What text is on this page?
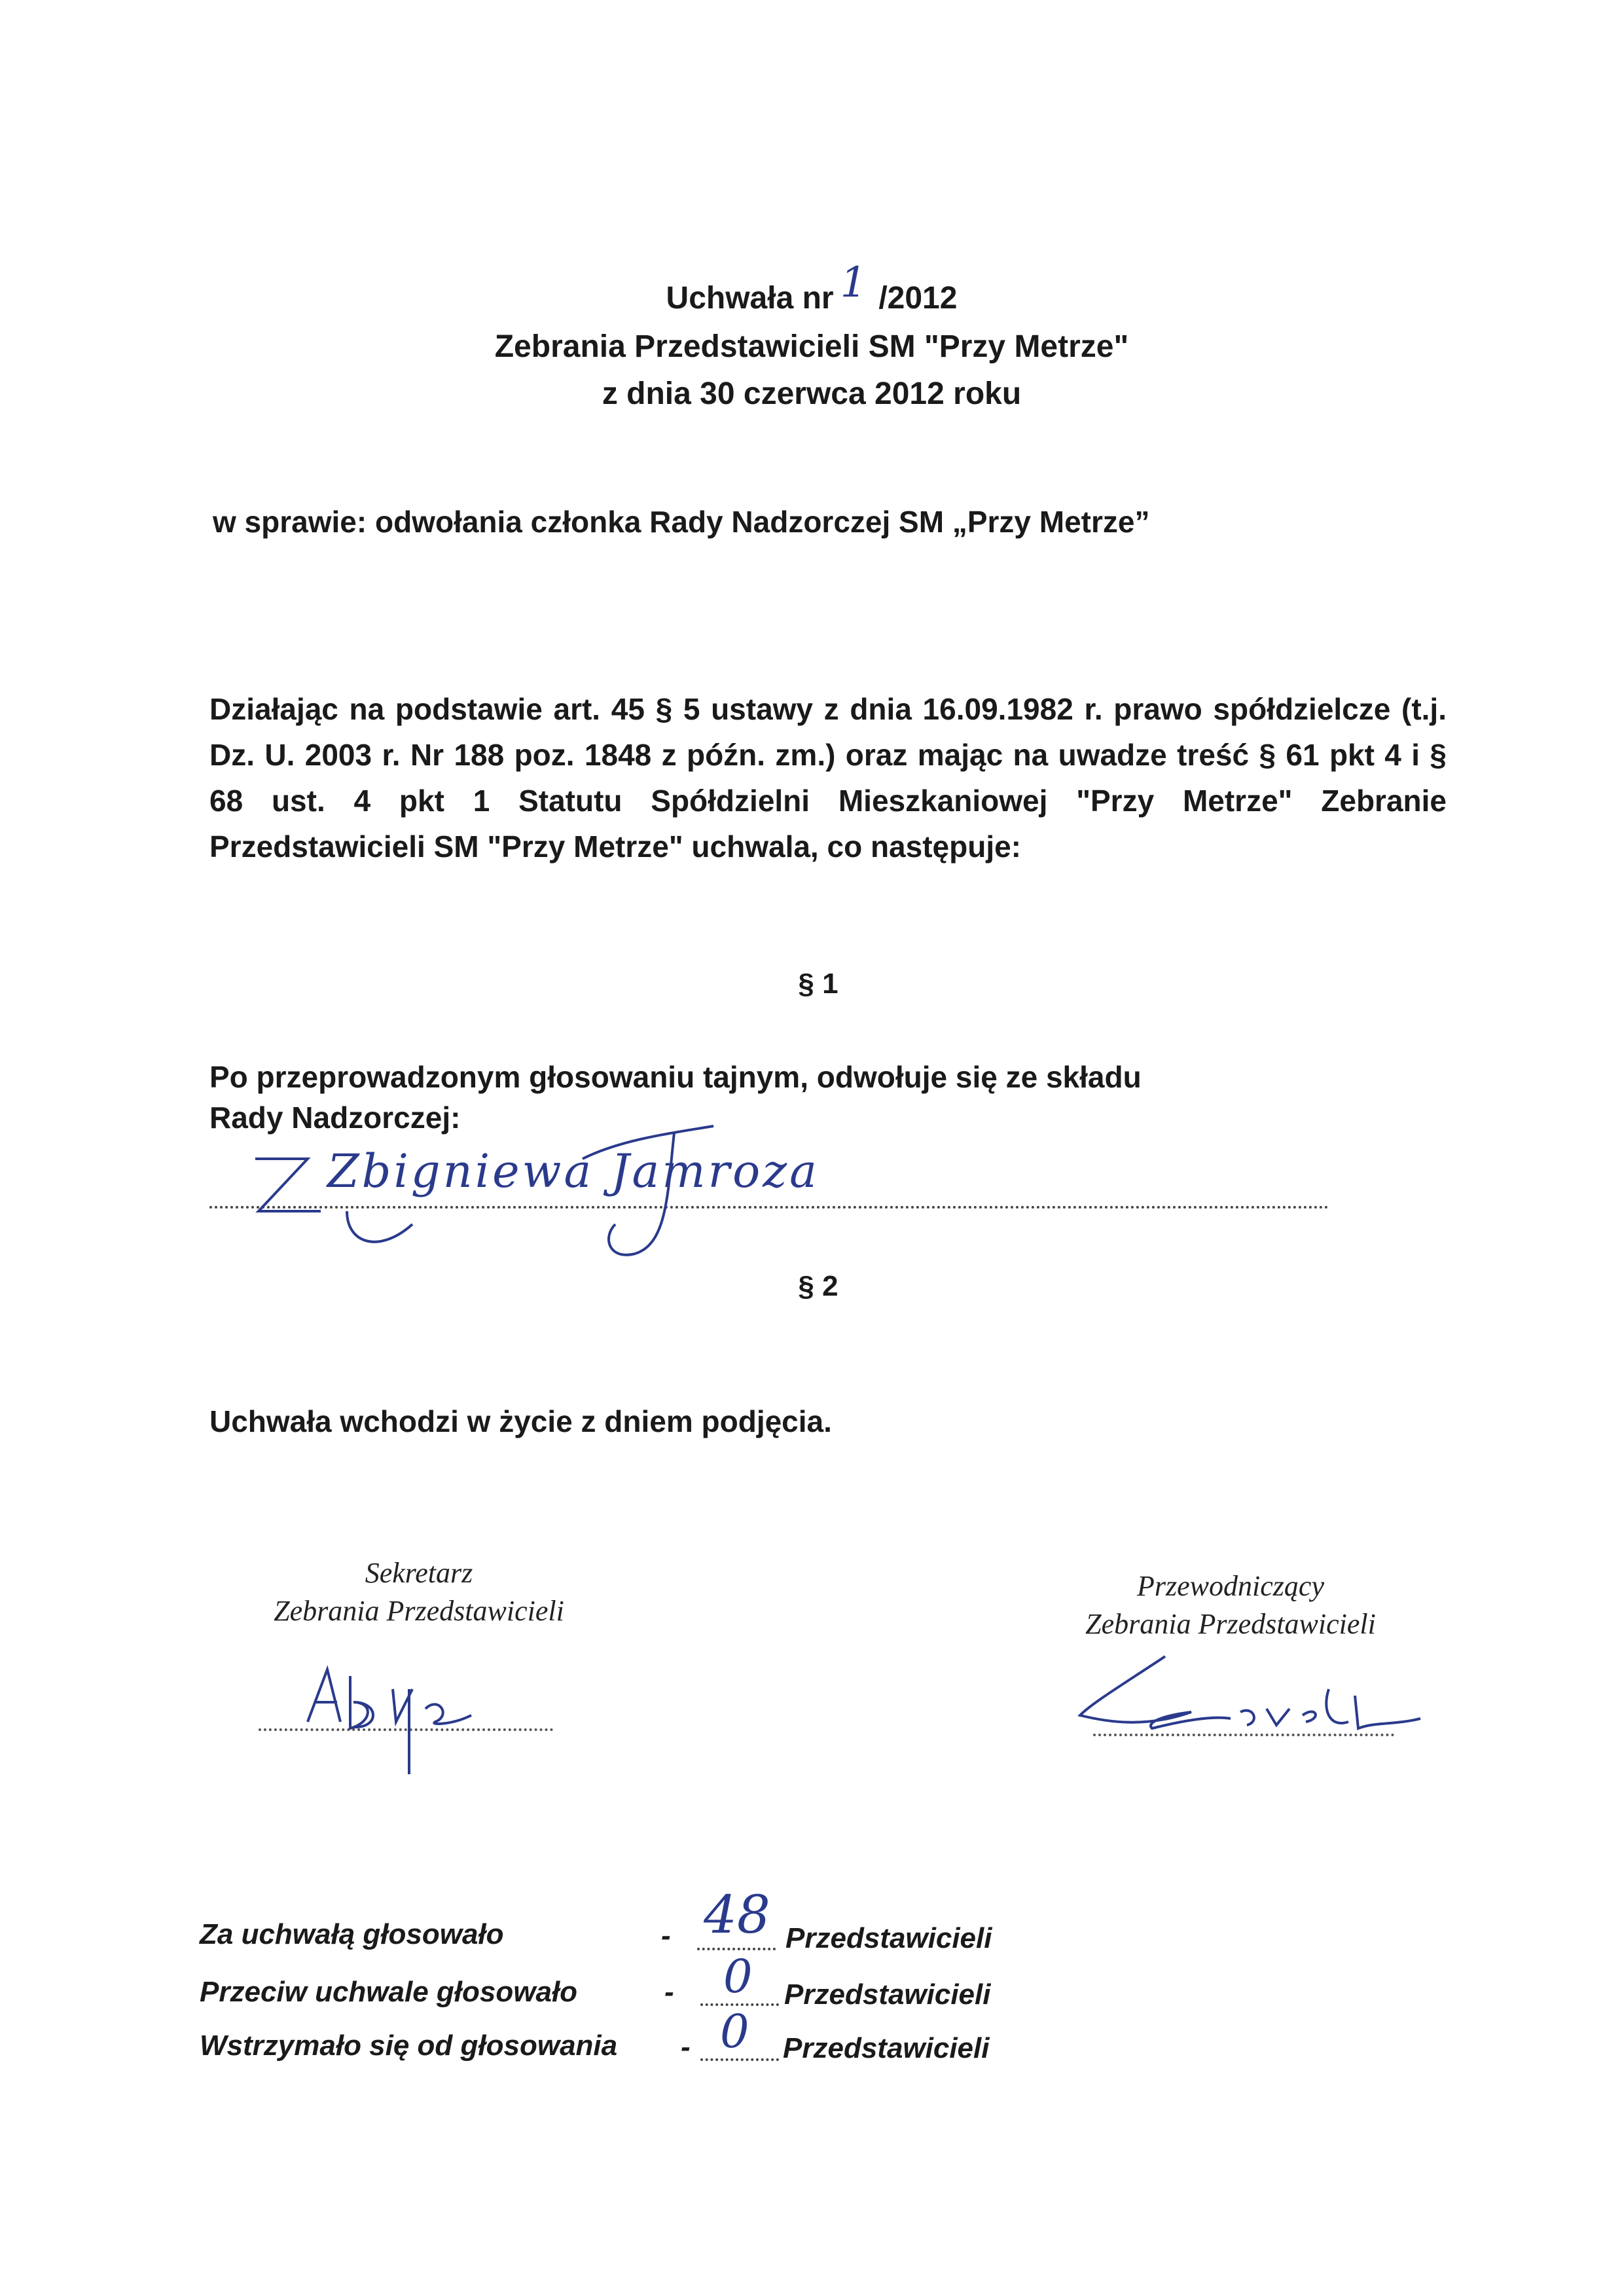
Uchwała nr 1 /2012
Zebrania Przedstawicieli SM "Przy Metrze"
z dnia 30 czerwca 2012 roku
w sprawie: odwołania członka Rady Nadzorczej SM „Przy Metrze”
Działając na podstawie art. 45 § 5 ustawy z dnia 16.09.1982 r. prawo spółdzielcze (t.j. Dz. U. 2003 r. Nr 188 poz. 1848 z późn. zm.) oraz mając na uwadze treść § 61 pkt 4 i § 68 ust. 4 pkt 1 Statutu Spółdzielni Mieszkaniowej "Przy Metrze" Zebranie Przedstawicieli SM "Przy Metrze" uchwala, co następuje:
§ 1
Po przeprowadzonym głosowaniu tajnym, odwołuje się ze składu
Rady Nadzorczej:
Zbigniewa Jamroza
§ 2
Uchwała wchodzi w życie z dniem podjęcia.
Sekretarz
Zebrania Przedstawicieli
Przewodniczący
Zebrania Przedstawicieli
Za uchwałą głosowało	- 48 Przedstawicieli
Przeciw uchwale głosowało	- 0 Przedstawicieli
Wstrzymało się od głosowania - 0 Przedstawicieli
